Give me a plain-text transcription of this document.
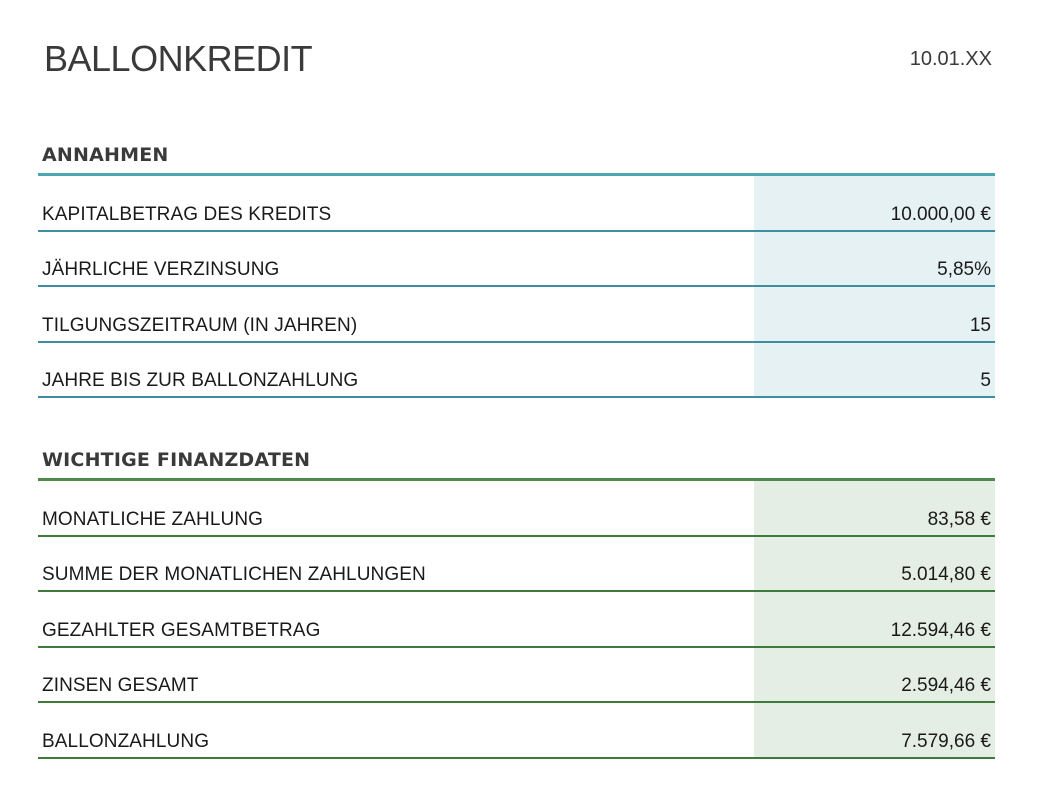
BALLONKREDIT	10.01.XX
ANNAHMEN
KAPITALBETRAG DES KREDITS	10.000,00 €
JÄHRLICHE VERZINSUNG	5,85%
TILGUNGSZEITRAUM (IN JAHREN)	15
JAHRE BIS ZUR BALLONZAHLUNG	5
WICHTIGE FINANZDATEN
MONATLICHE ZAHLUNG	83,58 €
SUMME DER MONATLICHEN ZAHLUNGEN	5.014,80 €
GEZAHLTER GESAMTBETRAG	12.594,46 €
ZINSEN GESAMT	2.594,46 €
BALLONZAHLUNG	7.579,66 €
